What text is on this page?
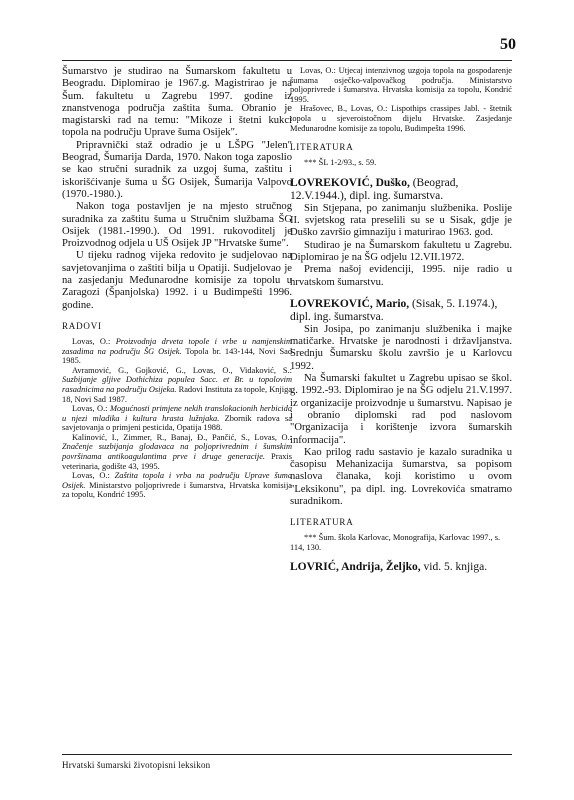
50

Šumarstvo je studirao na Šumarskom fakultetu u Beogradu. Diplomirao je 1967.g. Magistrirao je na Šum. fakultetu u Zagrebu 1997. godine iz znanstvenoga područja zaštita šuma. Obranio je magistarski rad na temu: "Mikoze i štetni kukci topola na području Uprave šuma Osijek".

Pripravnički staž odradio je u LŠPG "Jelen" Beograd, Šumarija Darda, 1970. Nakon toga zaposlio se kao stručni suradnik za uzgoj šuma, zaštitu i iskorišćivanje šuma u ŠG Osijek, Šumarija Valpovo (1970.-1980.).

Nakon toga postavljen je na mjesto stručnog suradnika za zaštitu šuma u Stručnim službama ŠG Osijek (1981.-1990.). Od 1991. rukovoditelj je Proizvodnog odjela u UŠ Osijek JP "Hrvatske šume".

U tijeku radnog vijeka redovito je sudjelovao na savjetovanjima o zaštiti bilja u Opatiji. Sudjelovao je na zasjedanju Međunarodne komisije za topolu u Zaragozi (Španjolska) 1992. i u Budimpešti 1996. godine.

RADOVI

Lovas, O.: Proizvodnja drveta topole i vrbe u namjenskim zasadima na području ŠG Osijek. Topola br. 143-144, Novi Sad 1985.

Avramović, G., Gojković, G., Lovas, O., Vidaković, S.: Suzbijanje gljive Dothichiza populea Sacc. et Br. u topolovim rasadnicima na području Osijeka. Radovi Instituta za topole, Knjiga 18, Novi Sad 1987.

Lovas, O.: Mogućnosti primjene nekih translokacionih herbicida u njezi mladika i kultura hrasta lužnjaka. Zbornik radova sa savjetovanja o primjeni pesticida, Opatija 1988.

Kalinović, I., Zimmer, R., Banaj, Đ., Pančić, S., Lovas, O.: Značenje suzbijanja glodavaca na poljoprivrednim i šumskim površinama antikoagulantima prve i druge generacije. Praxis veterinaria, godište 43, 1995.

Lovas, O.: Zaštita topola i vrba na području Uprave šuma Osijek. Ministarstvo poljoprivrede i šumarstva, Hrvatska komisija za topolu, Kondrić 1995.

Lovas, O.: Utjecaj intenzivnog uzgoja topola na gospodarenje šumama osječko-valpovačkog područja. Ministarstvo poljoprivrede i šumarstva. Hrvatska komisija za topolu, Kondrić 1995.

Hrašovec, B., Lovas, O.: Lispothips crassipes Jabl. - štetnik topola u sjeveroistočnom dijelu Hrvatske. Zasjedanje Međunarodne komisije za topolu, Budimpešta 1996.

LITERATURA

*** ŠL 1-2/93., s. 59.

LOVREKOVIĆ, Duško, (Beograd, 12.V.1944.), dipl. ing. šumarstva.

Sin Stjepana, po zanimanju službenika. Poslije II. svjetskog rata preselili su se u Sisak, gdje je Duško završio gimnaziju i maturirao 1963. god.

Studirao je na Šumarskom fakultetu u Zagrebu. Diplomirao je na ŠG odjelu 12.VII.1972.

Prema našoj evidenciji, 1995. nije radio u hrvatskom šumarstvu.

LOVREKOVIĆ, Mario, (Sisak, 5. I.1974.), dipl. ing. šumarstva.

Sin Josipa, po zanimanju službenika i majke matičarke. Hrvatske je narodnosti i državljanstva. Srednju Šumarsku školu završio je u Karlovcu 1992.

Na Šumarski fakultet u Zagrebu upisao se škol. g. 1992.-93. Diplomirao je na ŠG odjelu 21.V.1997. iz organizacije proizvodnje u šumarstvu. Napisao je i obranio diplomski rad pod naslovom "Organizacija i korištenje izvora šumarskih informacija".

Kao prilog radu sastavio je kazalo suradnika u časopisu Mehanizacija šumarstva, sa popisom naslova članaka, koji koristimo u ovom "Leksikonu", pa dipl. ing. Lovrekovića smatramo suradnikom.

LITERATURA

*** Šum. škola Karlovac, Monografija, Karlovac 1997., s. 114, 130.

LOVRIĆ, Andrija, Željko, vid. 5. knjiga.

Hrvatski šumarski životopisni leksikon
